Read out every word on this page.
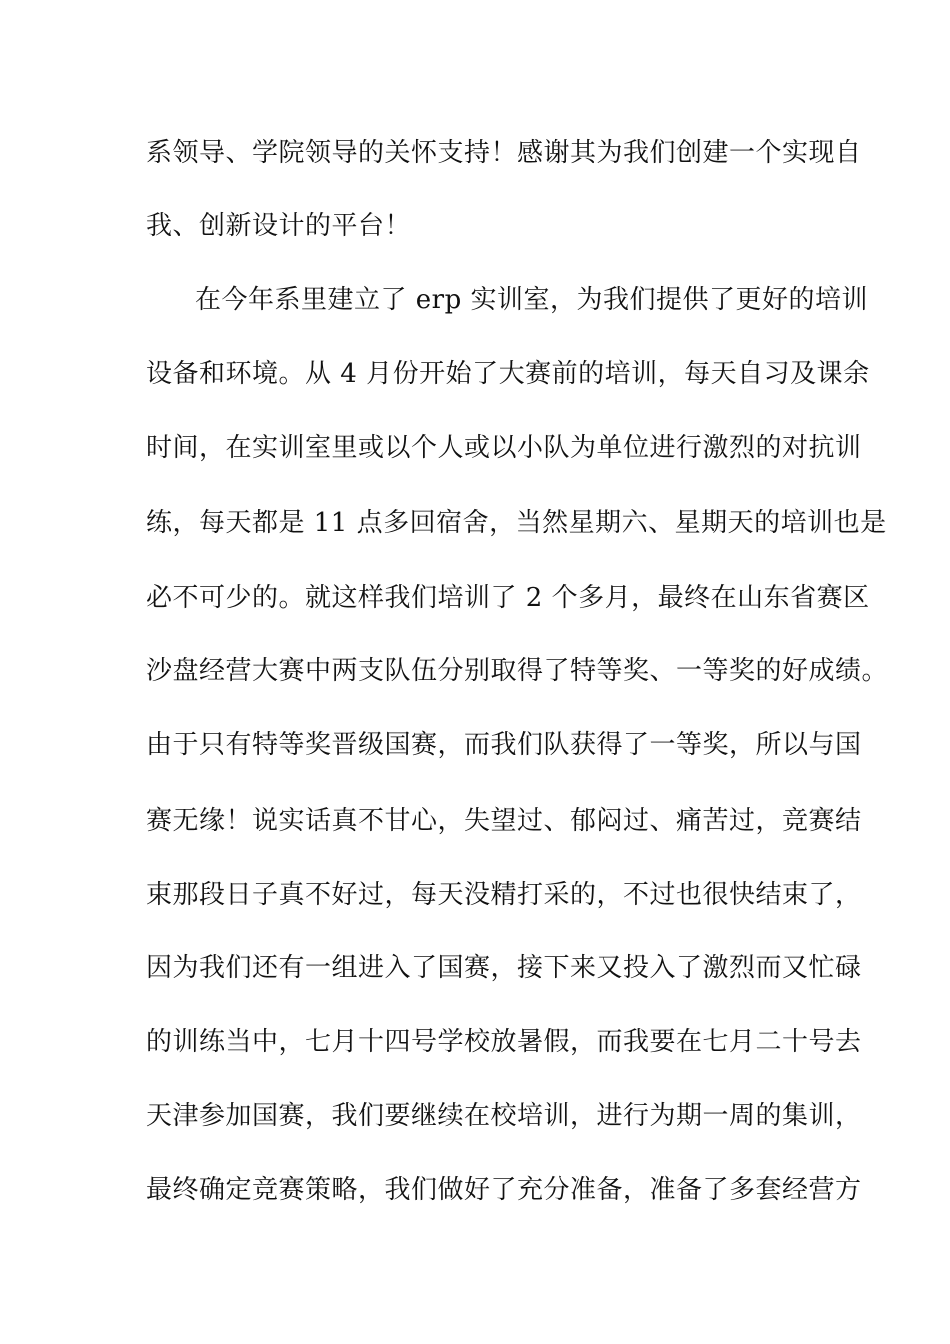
系领导、学院领导的关怀支持！感谢其为我们创建一个实现自
我、创新设计的平台！
在今年系里建立了 erp 实训室，为我们提供了更好的培训
设备和环境。从 4 月份开始了大赛前的培训，每天自习及课余
时间，在实训室里或以个人或以小队为单位进行激烈的对抗训
练，每天都是 11 点多回宿舍，当然星期六、星期天的培训也是
必不可少的。就这样我们培训了 2 个多月，最终在山东省赛区
沙盘经营大赛中两支队伍分别取得了特等奖、一等奖的好成绩。
由于只有特等奖晋级国赛，而我们队获得了一等奖，所以与国
赛无缘！说实话真不甘心，失望过、郁闷过、痛苦过，竞赛结
束那段日子真不好过，每天没精打采的，不过也很快结束了，
因为我们还有一组进入了国赛，接下来又投入了激烈而又忙碌
的训练当中，七月十四号学校放暑假，而我要在七月二十号去
天津参加国赛，我们要继续在校培训，进行为期一周的集训，
最终确定竞赛策略，我们做好了充分准备，准备了多套经营方
